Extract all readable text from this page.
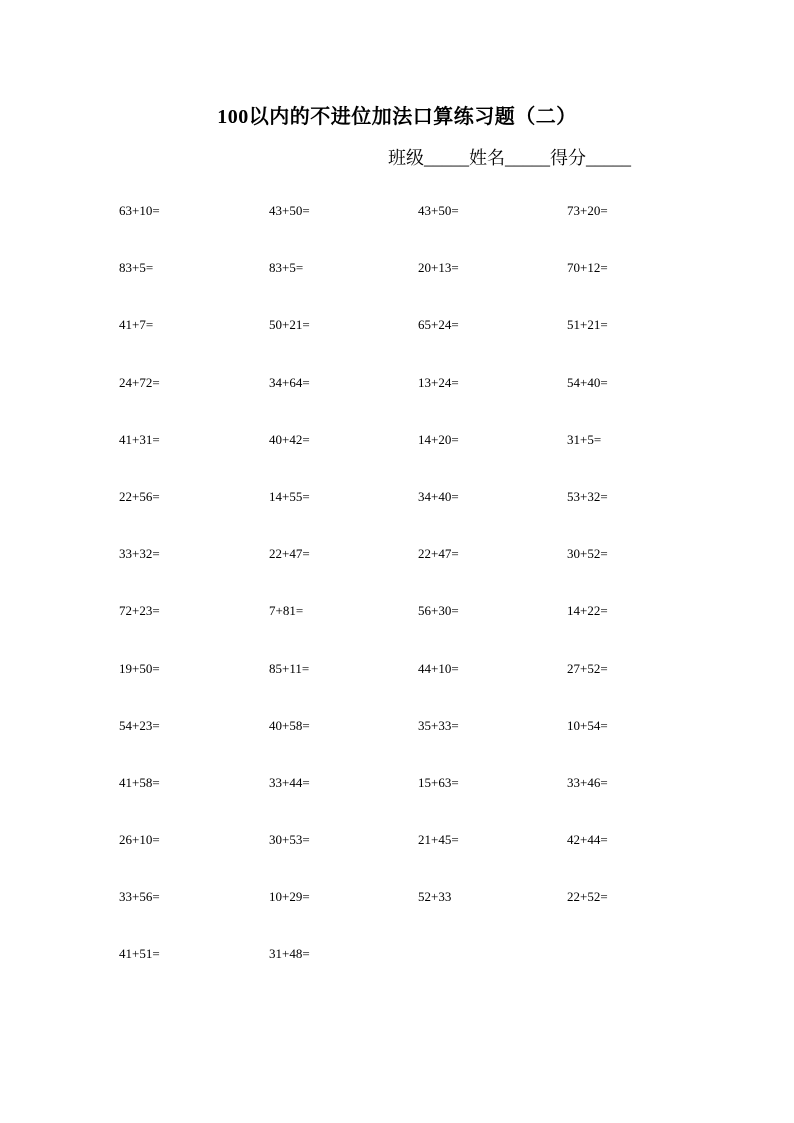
100以内的不进位加法口算练习题（二）
班级_____姓名_____得分_____
63+10=	43+50=	43+50=	73+20=
83+5=	83+5=	20+13=	70+12=
41+7=	50+21=	65+24=	51+21=
24+72=	34+64=	13+24=	54+40=
41+31=	40+42=	14+20=	31+5=
22+56=	14+55=	34+40=	53+32=
33+32=	22+47=	22+47=	30+52=
72+23=	7+81=	56+30=	14+22=
19+50=	85+11=	44+10=	27+52=
54+23=	40+58=	35+33=	10+54=
41+58=	33+44=	15+63=	33+46=
26+10=	30+53=	21+45=	42+44=
33+56=	10+29=	52+33	22+52=
41+51=	31+48=
